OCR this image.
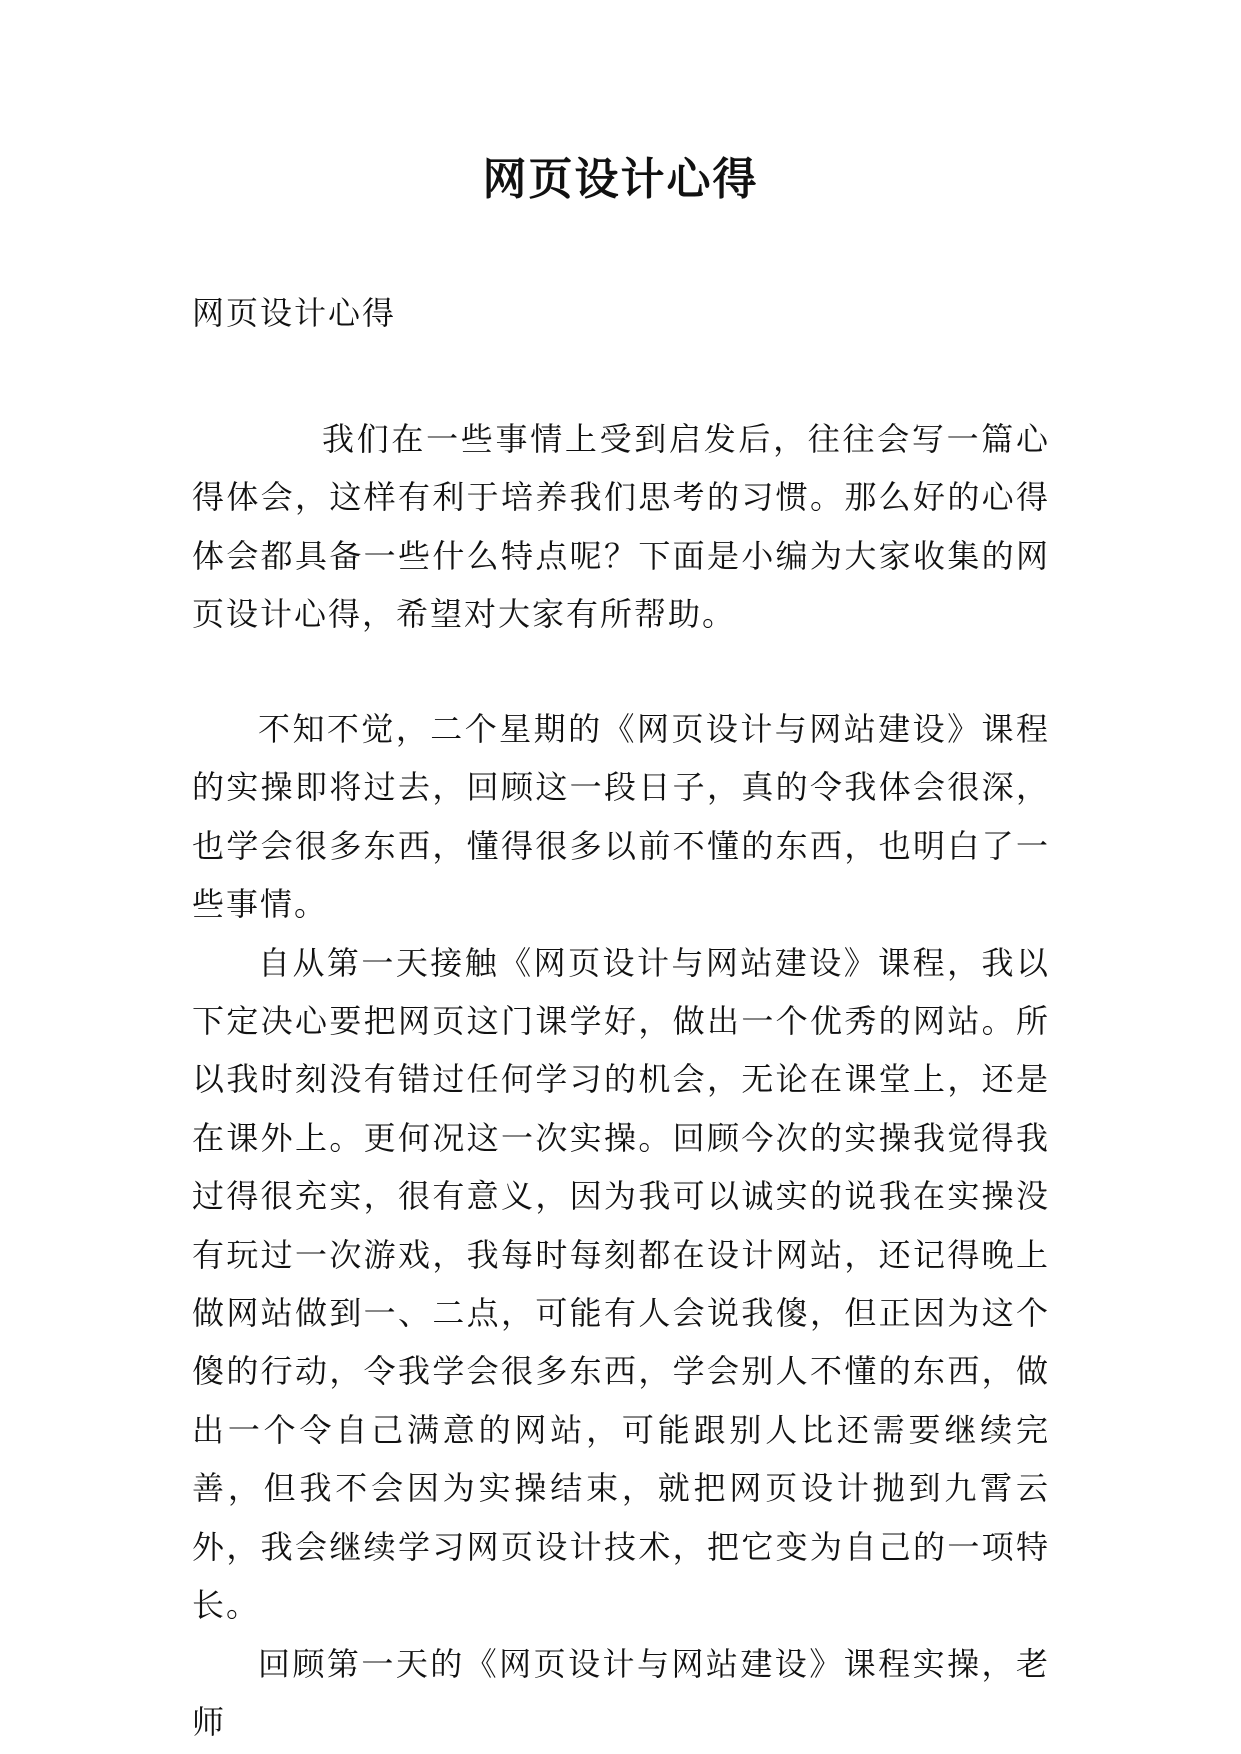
网页设计心得

网页设计心得

我们在一些事情上受到启发后，往往会写一篇心得体会，这样有利于培养我们思考的习惯。那么好的心得体会都具备一些什么特点呢？下面是小编为大家收集的网页设计心得，希望对大家有所帮助。

不知不觉，二个星期的《网页设计与网站建设》课程的实操即将过去，回顾这一段日子，真的令我体会很深，也学会很多东西，懂得很多以前不懂的东西，也明白了一些事情。

自从第一天接触《网页设计与网站建设》课程，我以下定决心要把网页这门课学好，做出一个优秀的网站。所以我时刻没有错过任何学习的机会，无论在课堂上，还是在课外上。更何况这一次实操。回顾今次的实操我觉得我过得很充实，很有意义，因为我可以诚实的说我在实操没有玩过一次游戏，我每时每刻都在设计网站，还记得晚上做网站做到一、二点，可能有人会说我傻，但正因为这个傻的行动，令我学会很多东西，学会别人不懂的东西，做出一个令自己满意的网站，可能跟别人比还需要继续完善，但我不会因为实操结束，就把网页设计抛到九霄云外，我会继续学习网页设计技术，把它变为自己的一项特长。

回顾第一天的《网页设计与网站建设》课程实操，老师
